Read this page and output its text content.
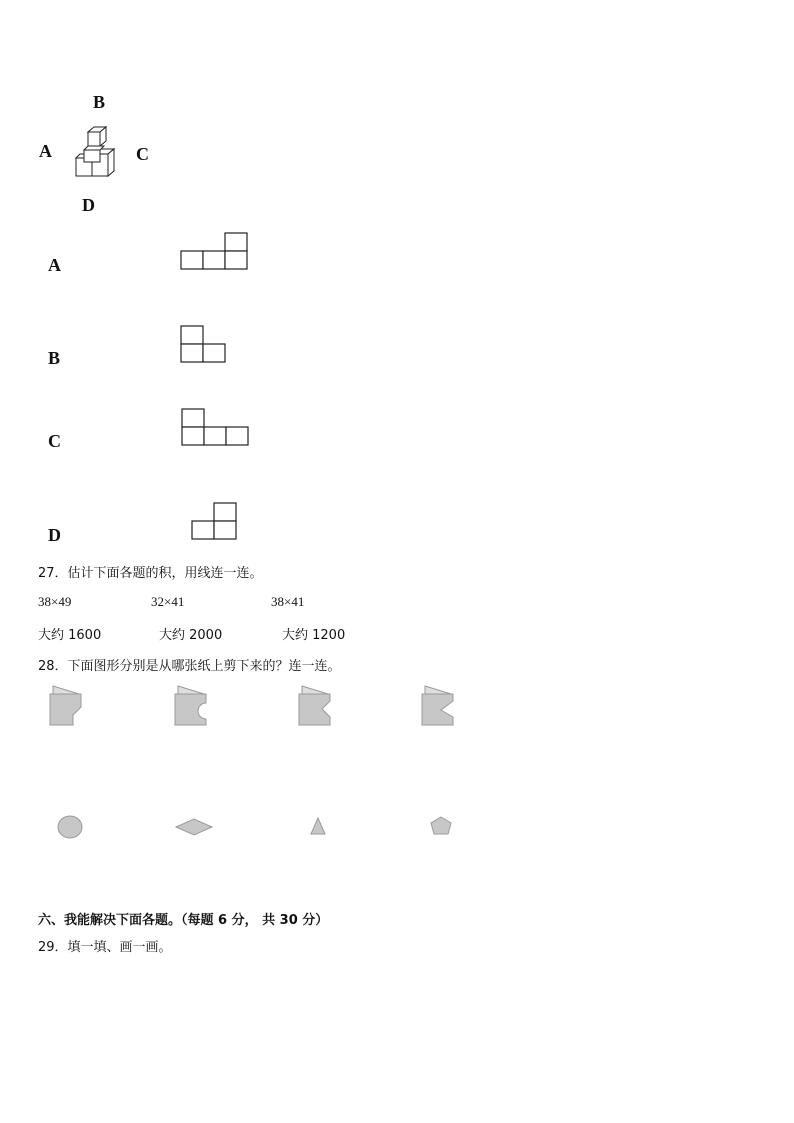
B
A	C
D
A
B
C
D
27．估计下面各题的积，用线连一连。
38×49	32×41	38×41
大约 1600	大约 2000	大约 1200
28．下面图形分别是从哪张纸上剪下来的？连一连。
六、我能解决下面各题。（每题 6 分， 共 30 分）
29．填一填、画一画。
